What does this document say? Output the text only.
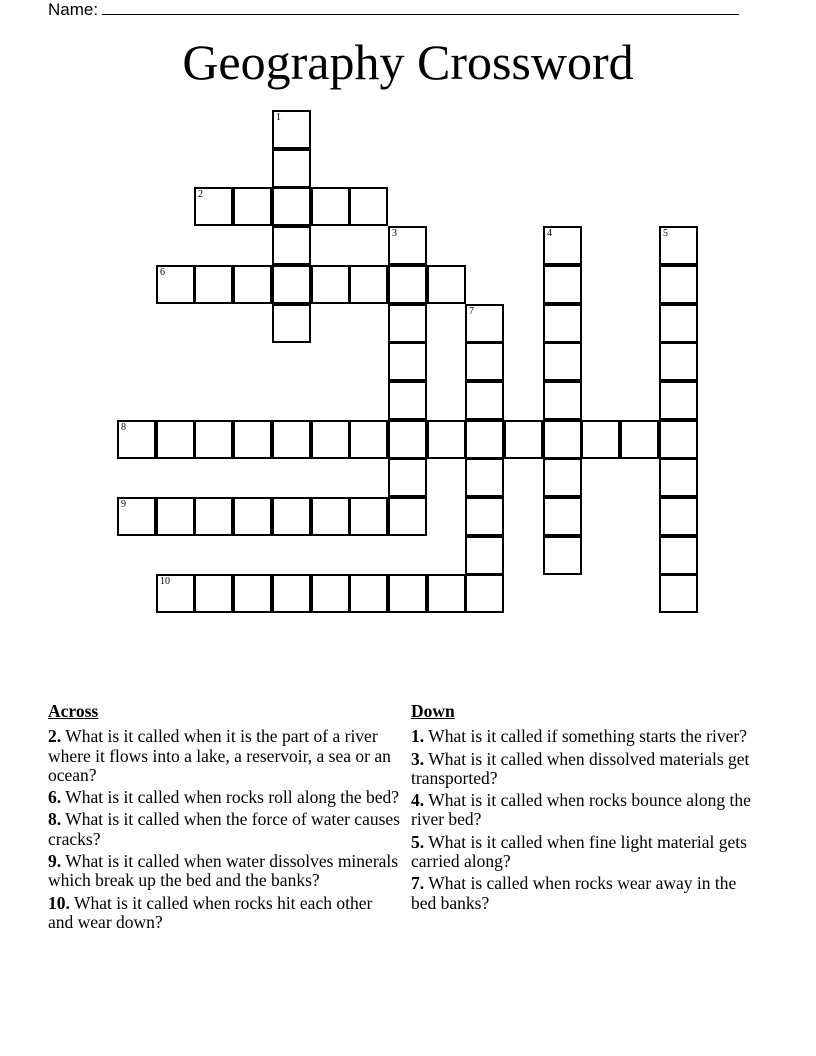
Name:
Geography Crossword
1
2
3	4	5
6
7
8
9
10
Across
2. What is it called when it is the part of a river where it flows into a lake, a reservoir, a sea or an ocean?
6. What is it called when rocks roll along the bed?
8. What is it called when the force of water causes cracks?
9. What is it called when water dissolves minerals which break up the bed and the banks?
10. What is it called when rocks hit each other and wear down?
Down
1. What is it called if something starts the river?
3. What is it called when dissolved materials get transported?
4. What is it called when rocks bounce along the river bed?
5. What is it called when fine light material gets carried along?
7. What is called when rocks wear away in the bed banks?
